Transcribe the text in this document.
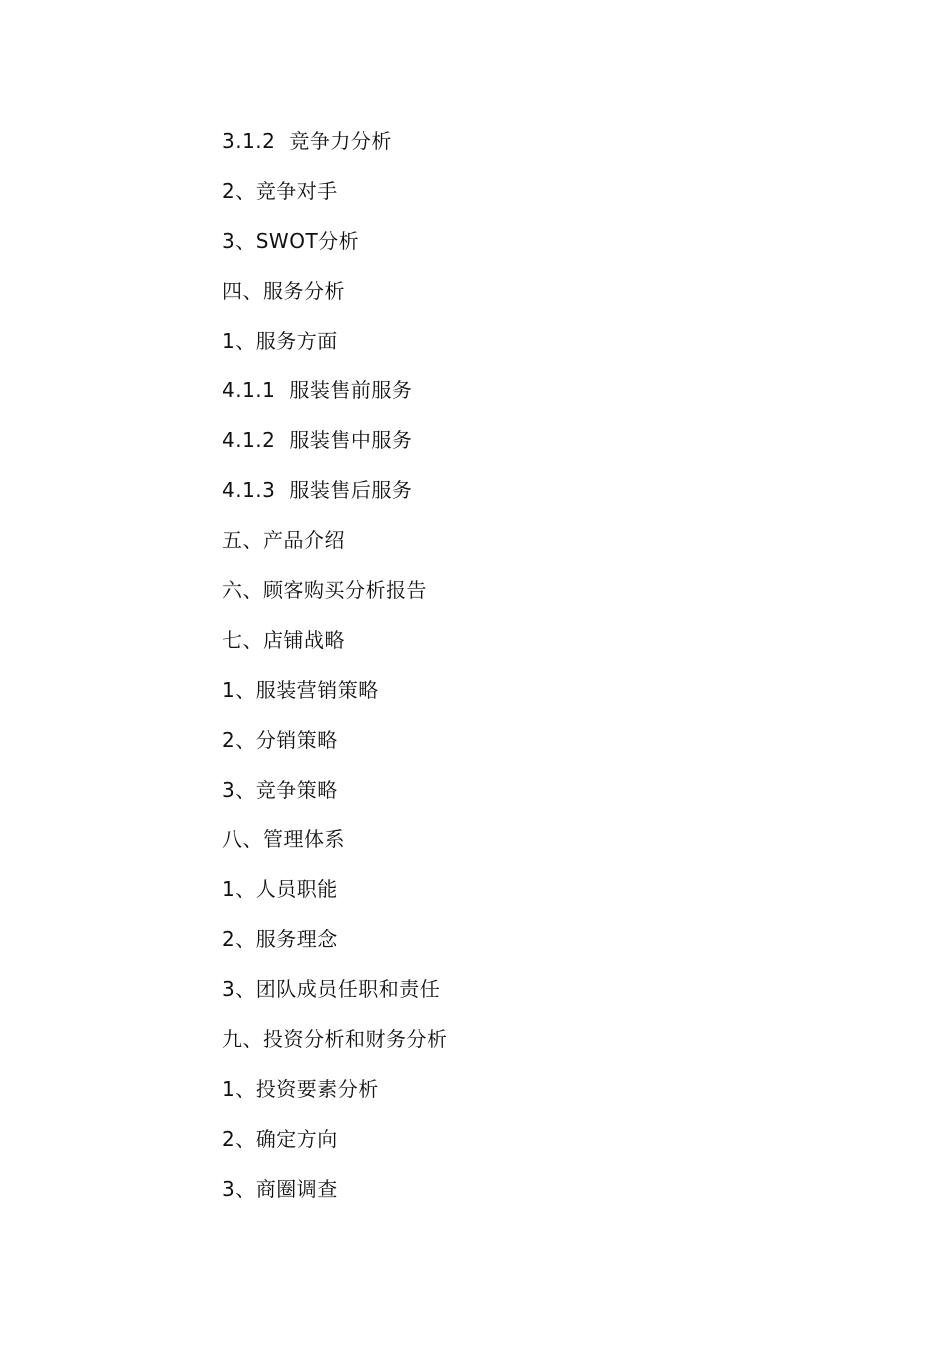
3.1.2 竞争力分析
2、竞争对手
3、SWOT分析
四、服务分析
1、服务方面
4.1.1 服装售前服务
4.1.2 服装售中服务
4.1.3 服装售后服务
五、产品介绍
六、顾客购买分析报告
七、店铺战略
1、服装营销策略
2、分销策略
3、竞争策略
八、管理体系
1、人员职能
2、服务理念
3、团队成员任职和责任
九、投资分析和财务分析
1、投资要素分析
2、确定方向
3、商圈调查
